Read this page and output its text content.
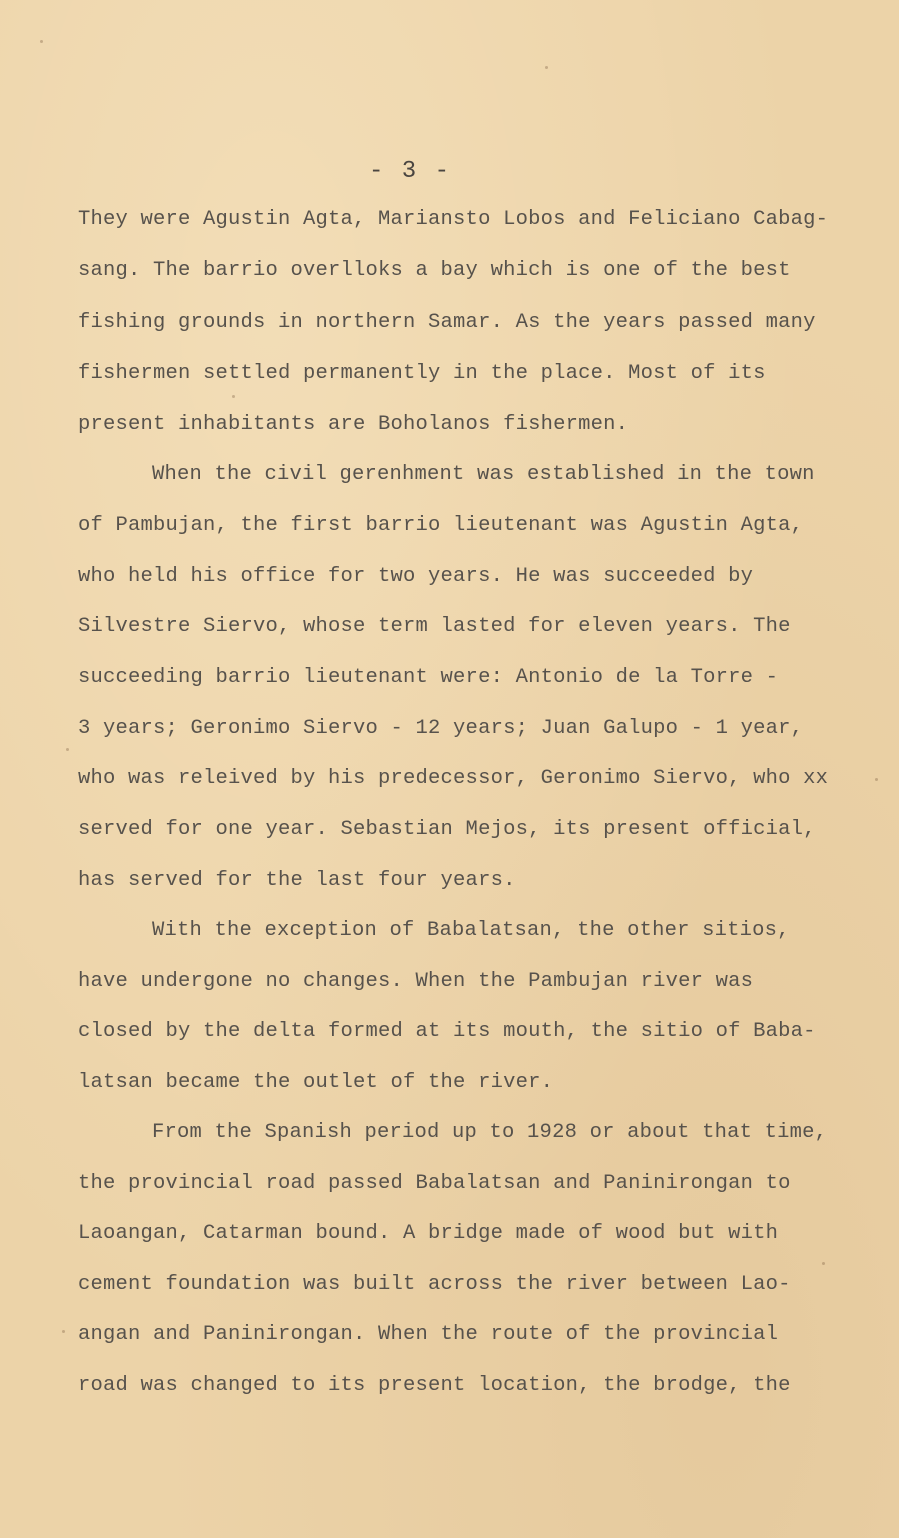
- 3 -
They were Agustin Agta, Mariansto Lobos and Feliciano Cabag-
sang. The barrio overlloks a bay which is one of the best
fishing grounds in northern Samar. As the years passed many
fishermen settled permanently in the place. Most of its
present inhabitants are Boholanos fishermen.
When the civil gerenhment was established in the town
of Pambujan, the first barrio lieutenant was Agustin Agta,
who held his office for two years. He was succeeded by
Silvestre Siervo, whose term lasted for eleven years. The
succeeding barrio lieutenant were: Antonio de la Torre -
3 years; Geronimo Siervo - 12 years; Juan Galupo - 1 year,
who was releived by his predecessor, Geronimo Siervo, who xx
served for one year. Sebastian Mejos, its present official,
has served for the last four years.
With the exception of Babalatsan, the other sitios,
have undergone no changes. When the Pambujan river was
closed by the delta formed at its mouth, the sitio of Baba-
latsan became the outlet of the river.
From the Spanish period up to 1928 or about that time,
the provincial road passed Babalatsan and Paninirongan to
Laoangan, Catarman bound. A bridge made of wood but with
cement foundation was built across the river between Lao-
angan and Paninirongan. When the route of the provincial
road was changed to its present location, the brodge, the
